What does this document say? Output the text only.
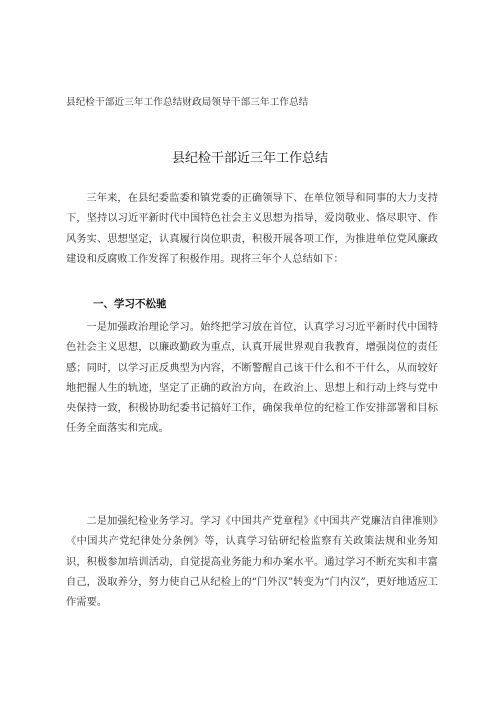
县纪检干部近三年工作总结财政局领导干部三年工作总结
县纪检干部近三年工作总结

三年来，在县纪委监委和镇党委的正确领导下、在单位领导和同事的大力支持下，坚持以习近平新时代中国特色社会主义思想为指导，爱岗敬业、恪尽职守、作风务实、思想坚定，认真履行岗位职责，积极开展各项工作，为推进单位党风廉政建设和反腐败工作发挥了积极作用。现将三年个人总结如下：

一、学习不松驰

一是加强政治理论学习。始终把学习放在首位，认真学习习近平新时代中国特色社会主义思想，以廉政勤政为重点，认真开展世界观自我教育，增强岗位的责任感；同时，以学习正反典型为内容，不断警醒自己该干什么和不干什么，从而较好地把握人生的轨迹，坚定了正确的政治方向，在政治上、思想上和行动上终与党中央保持一致，积极协助纪委书记搞好工作，确保我单位的纪检工作安排部署和目标任务全面落实和完成。

二是加强纪检业务学习。学习《中国共产党章程》《中国共产党廉洁自律准则》《中国共产党纪律处分条例》等，认真学习钻研纪检监察有关政策法规和业务知识，积极参加培训活动，自觉提高业务能力和办案水平。通过学习不断充实和丰富自己，汲取养分，努力使自己从纪检上的“门外汉”转变为“门内汉”，更好地适应工作需要。
